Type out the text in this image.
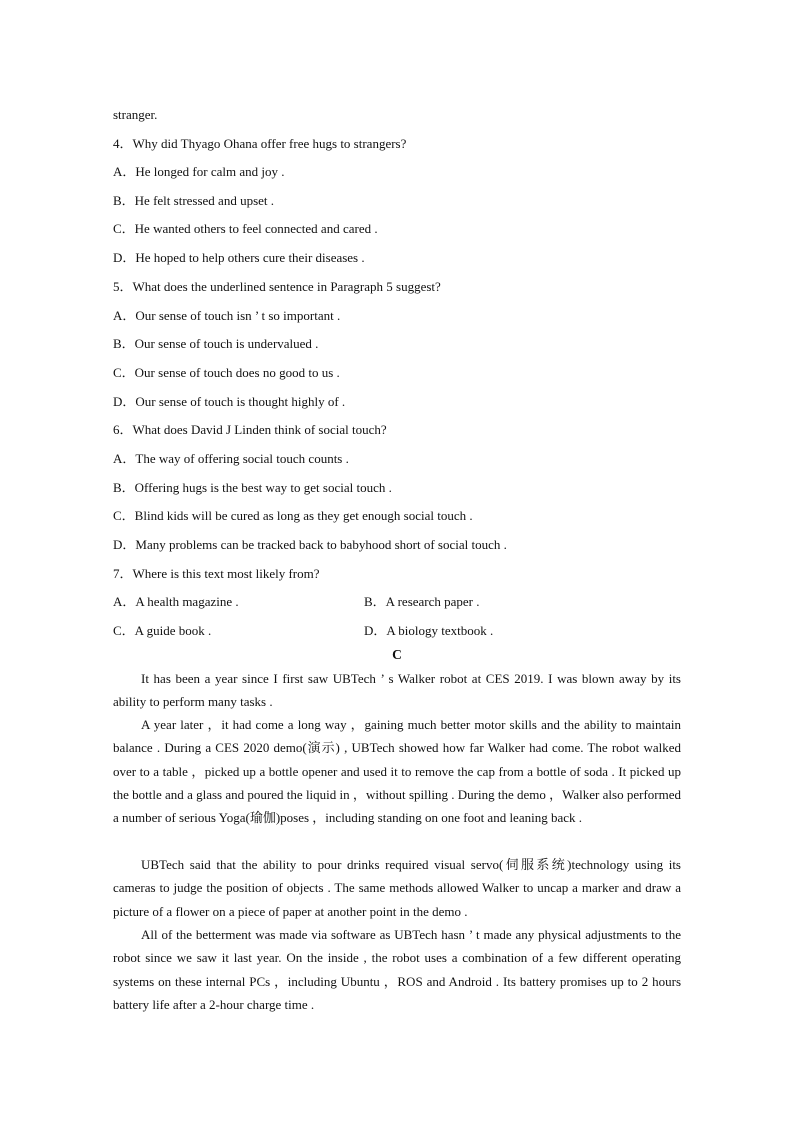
stranger.
4．Why did Thyago Ohana offer free hugs to strangers?
A．He longed for calm and joy .
B．He felt stressed and upset .
C．He wanted others to feel connected and cared .
D．He hoped to help others cure their diseases .
5．What does the underlined sentence in Paragraph 5 suggest?
A．Our sense of touch isn ’ t so important .
B．Our sense of touch is undervalued .
C．Our sense of touch does no good to us .
D．Our sense of touch is thought highly of .
6．What does David J Linden think of social touch?
A．The way of offering social touch counts .
B．Offering hugs is the best way to get social touch .
C．Blind kids will be cured as long as they get enough social touch .
D．Many problems can be tracked back to babyhood short of social touch .
7．Where is this text most likely from?
A．A health magazine .	B．A research paper .
C．A guide book .	D．A biology textbook .
C

It has been a year since I first saw UBTech ’ s Walker robot at CES 2019. I was blown away by its ability to perform many tasks .

A year later ，it had come a long way ，gaining much better motor skills and the ability to maintain balance . During a CES 2020 demo(演示) , UBTech showed how far Walker had come. The robot walked over to a table ，picked up a bottle opener and used it to remove the cap from a bottle of soda . It picked up the bottle and a glass and poured the liquid in ，without spilling . During the demo ，Walker also performed a number of serious Yoga(瑜伽)poses ，including standing on one foot and leaning back .

UBTech said that the ability to pour drinks required visual servo(伺服系统)technology using its cameras to judge the position of objects . The same methods allowed Walker to uncap a marker and draw a picture of a flower on a piece of paper at another point in the demo .

All of the betterment was made via software as UBTech hasn ’ t made any physical adjustments to the robot since we saw it last year. On the inside , the robot uses a combination of a few different operating systems on these internal PCs ，including Ubuntu ，ROS and Android . Its battery promises up to 2 hours battery life after a 2-hour charge time .
